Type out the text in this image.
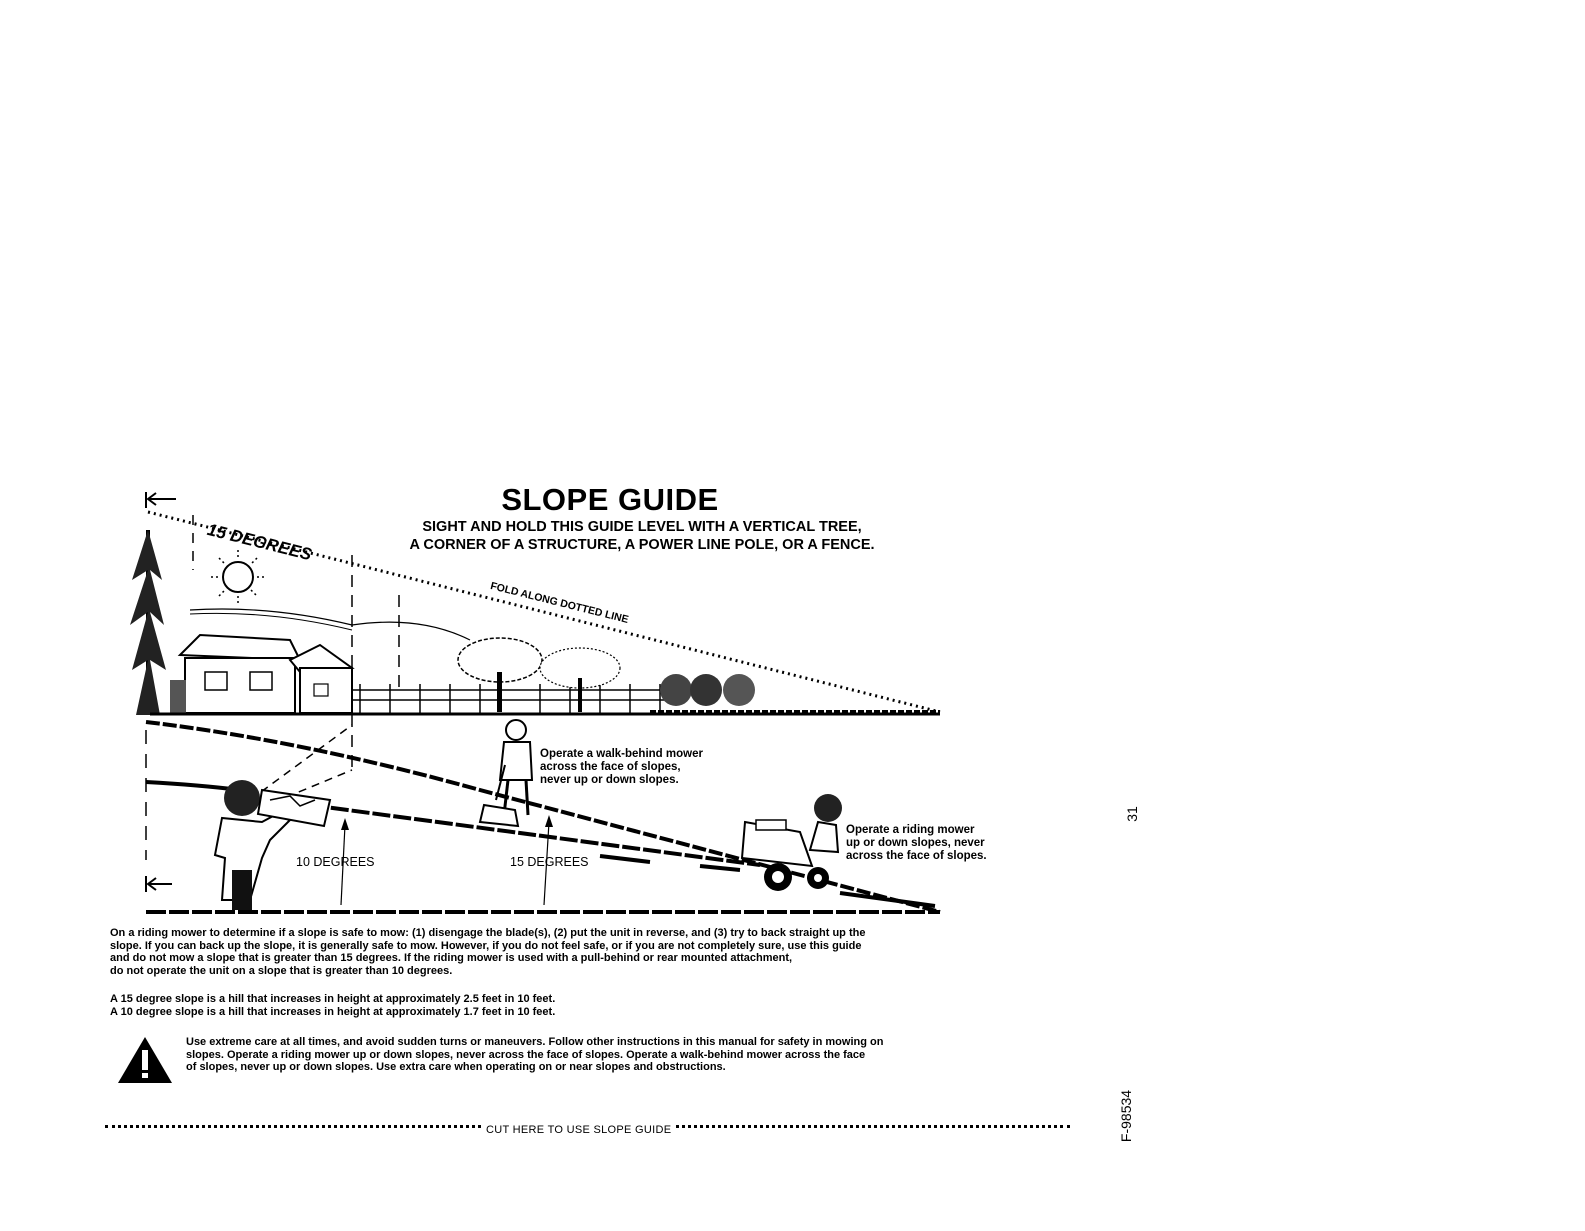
SLOPE GUIDE
SIGHT AND HOLD THIS GUIDE LEVEL WITH A VERTICAL TREE,
A CORNER OF A STRUCTURE, A POWER LINE POLE, OR A FENCE.
15 DEGREES
FOLD ALONG DOTTED LINE
10 DEGREES	15 DEGREES
Operate a walk-behind mower
across the face of slopes,
never up or down slopes.
Operate a riding mower
up or down slopes, never
across the face of slopes.
On a riding mower to determine if a slope is safe to mow: (1) disengage the blade(s), (2) put the unit in reverse, and (3) try to back straight up the
slope. If you can back up the slope, it is generally safe to mow. However, if you do not feel safe, or if you are not completely sure, use this guide
and do not mow a slope that is greater than 15 degrees. If the riding mower is used with a pull-behind or rear mounted attachment,
do not operate the unit on a slope that is greater than 10 degrees.
A 15 degree slope is a hill that increases in height at approximately 2.5 feet in 10 feet.
A 10 degree slope is a hill that increases in height at approximately 1.7 feet in 10 feet.
Use extreme care at all times, and avoid sudden turns or maneuvers. Follow other instructions in this manual for safety in mowing on
slopes. Operate a riding mower up or down slopes, never across the face of slopes. Operate a walk-behind mower across the face
of slopes, never up or down slopes. Use extra care when operating on or near slopes and obstructions.
CUT HERE TO USE SLOPE GUIDE
31
F-98534
